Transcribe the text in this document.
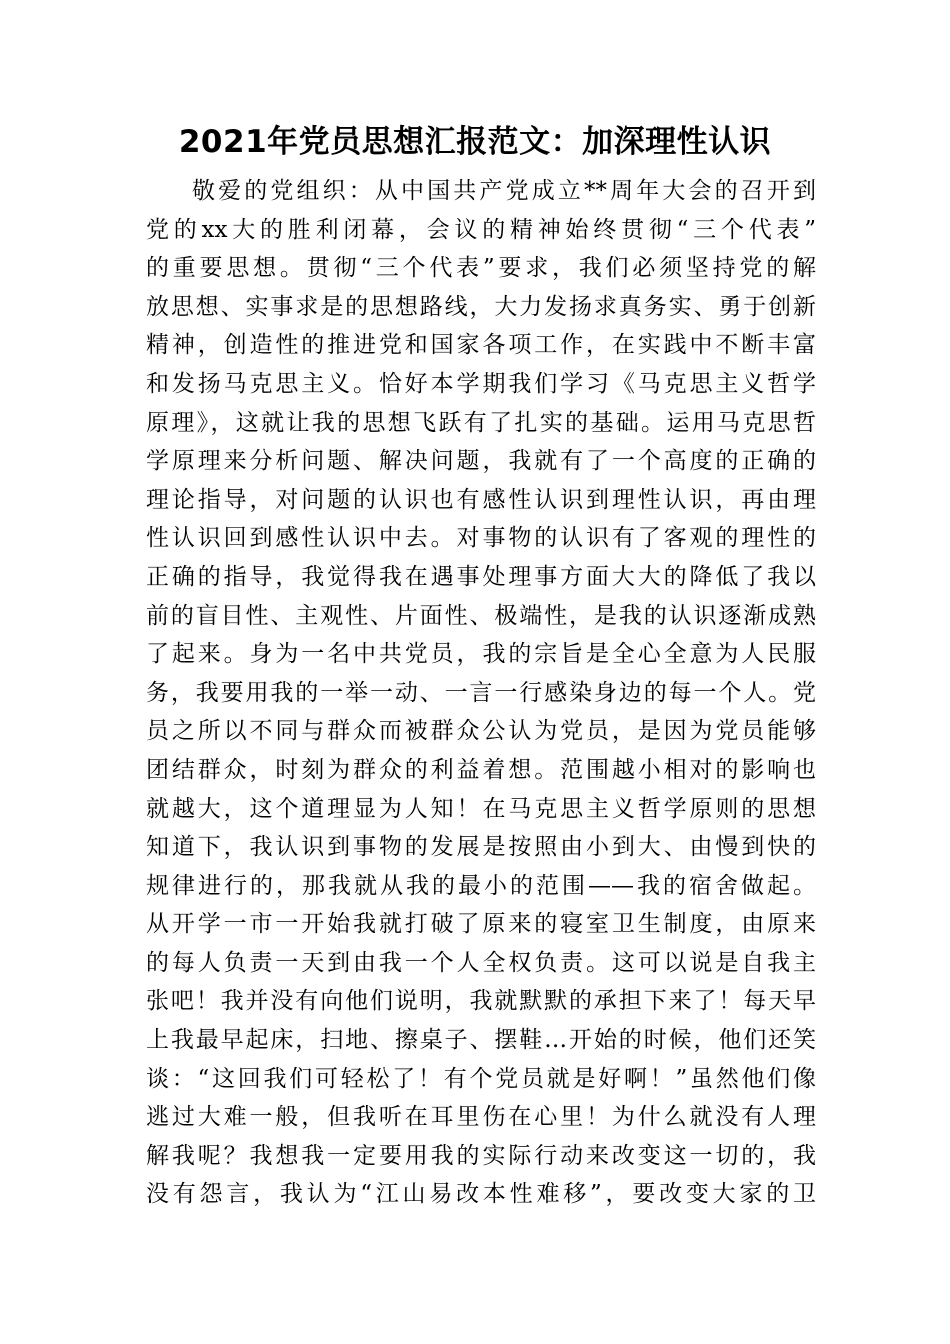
2021年党员思想汇报范文：加深理性认识
敬爱的党组织：从中国共产党成立**周年大会的召开到
党的xx大的胜利闭幕，会议的精神始终贯彻“三个代表”
的重要思想。贯彻“三个代表”要求，我们必须坚持党的解
放思想、实事求是的思想路线，大力发扬求真务实、勇于创新
精神，创造性的推进党和国家各项工作，在实践中不断丰富
和发扬马克思主义。恰好本学期我们学习《马克思主义哲学
原理》，这就让我的思想飞跃有了扎实的基础。运用马克思哲
学原理来分析问题、解决问题，我就有了一个高度的正确的
理论指导，对问题的认识也有感性认识到理性认识，再由理
性认识回到感性认识中去。对事物的认识有了客观的理性的
正确的指导，我觉得我在遇事处理事方面大大的降低了我以
前的盲目性、主观性、片面性、极端性，是我的认识逐渐成熟
了起来。身为一名中共党员，我的宗旨是全心全意为人民服
务，我要用我的一举一动、一言一行感染身边的每一个人。党
员之所以不同与群众而被群众公认为党员，是因为党员能够
团结群众，时刻为群众的利益着想。范围越小相对的影响也
就越大，这个道理显为人知！在马克思主义哲学原则的思想
知道下，我认识到事物的发展是按照由小到大、由慢到快的
规律进行的，那我就从我的最小的范围——我的宿舍做起。
从开学一市一开始我就打破了原来的寝室卫生制度，由原来
的每人负责一天到由我一个人全权负责。这可以说是自我主
张吧！我并没有向他们说明，我就默默的承担下来了！每天早
上我最早起床，扫地、擦桌子、摆鞋…开始的时候，他们还笑
谈：“这回我们可轻松了！有个党员就是好啊！”虽然他们像
逃过大难一般，但我听在耳里伤在心里！为什么就没有人理
解我呢？我想我一定要用我的实际行动来改变这一切的，我
没有怨言，我认为“江山易改本性难移”，要改变大家的卫
